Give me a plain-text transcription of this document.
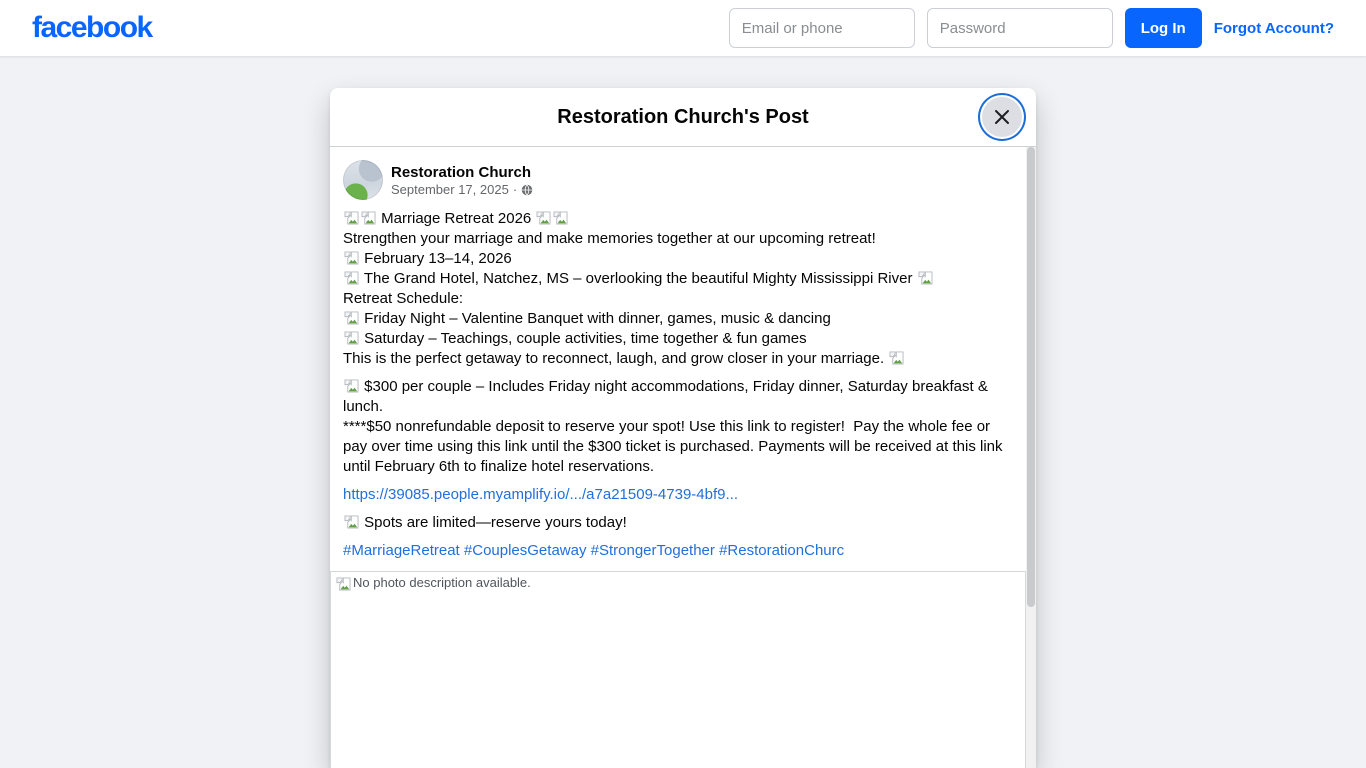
facebook
Email or phone
Password	Log In	Forgot Account?
Restoration Church's Post
Restoration Church
September 17, 2025 ·
Marriage Retreat 2026
Strengthen your marriage and make memories together at our upcoming retreat!
February 13–14, 2026
The Grand Hotel, Natchez, MS – overlooking the beautiful Mighty Mississippi River
Retreat Schedule:
Friday Night – Valentine Banquet with dinner, games, music & dancing
Saturday – Teachings, couple activities, time together & fun games
This is the perfect getaway to reconnect, laugh, and grow closer in your marriage.
$300 per couple – Includes Friday night accommodations, Friday dinner, Saturday breakfast & lunch.
****$50 nonrefundable deposit to reserve your spot! Use this link to register!  Pay the whole fee or pay over time using this link until the $300 ticket is purchased. Payments will be received at this link until February 6th to finalize hotel reservations.
https://39085.people.myamplify.io/.../a7a21509-4739-4bf9...
Spots are limited—reserve yours today!
#MarriageRetreat #CouplesGetaway #StrongerTogether #RestorationChurc
No photo description available.
